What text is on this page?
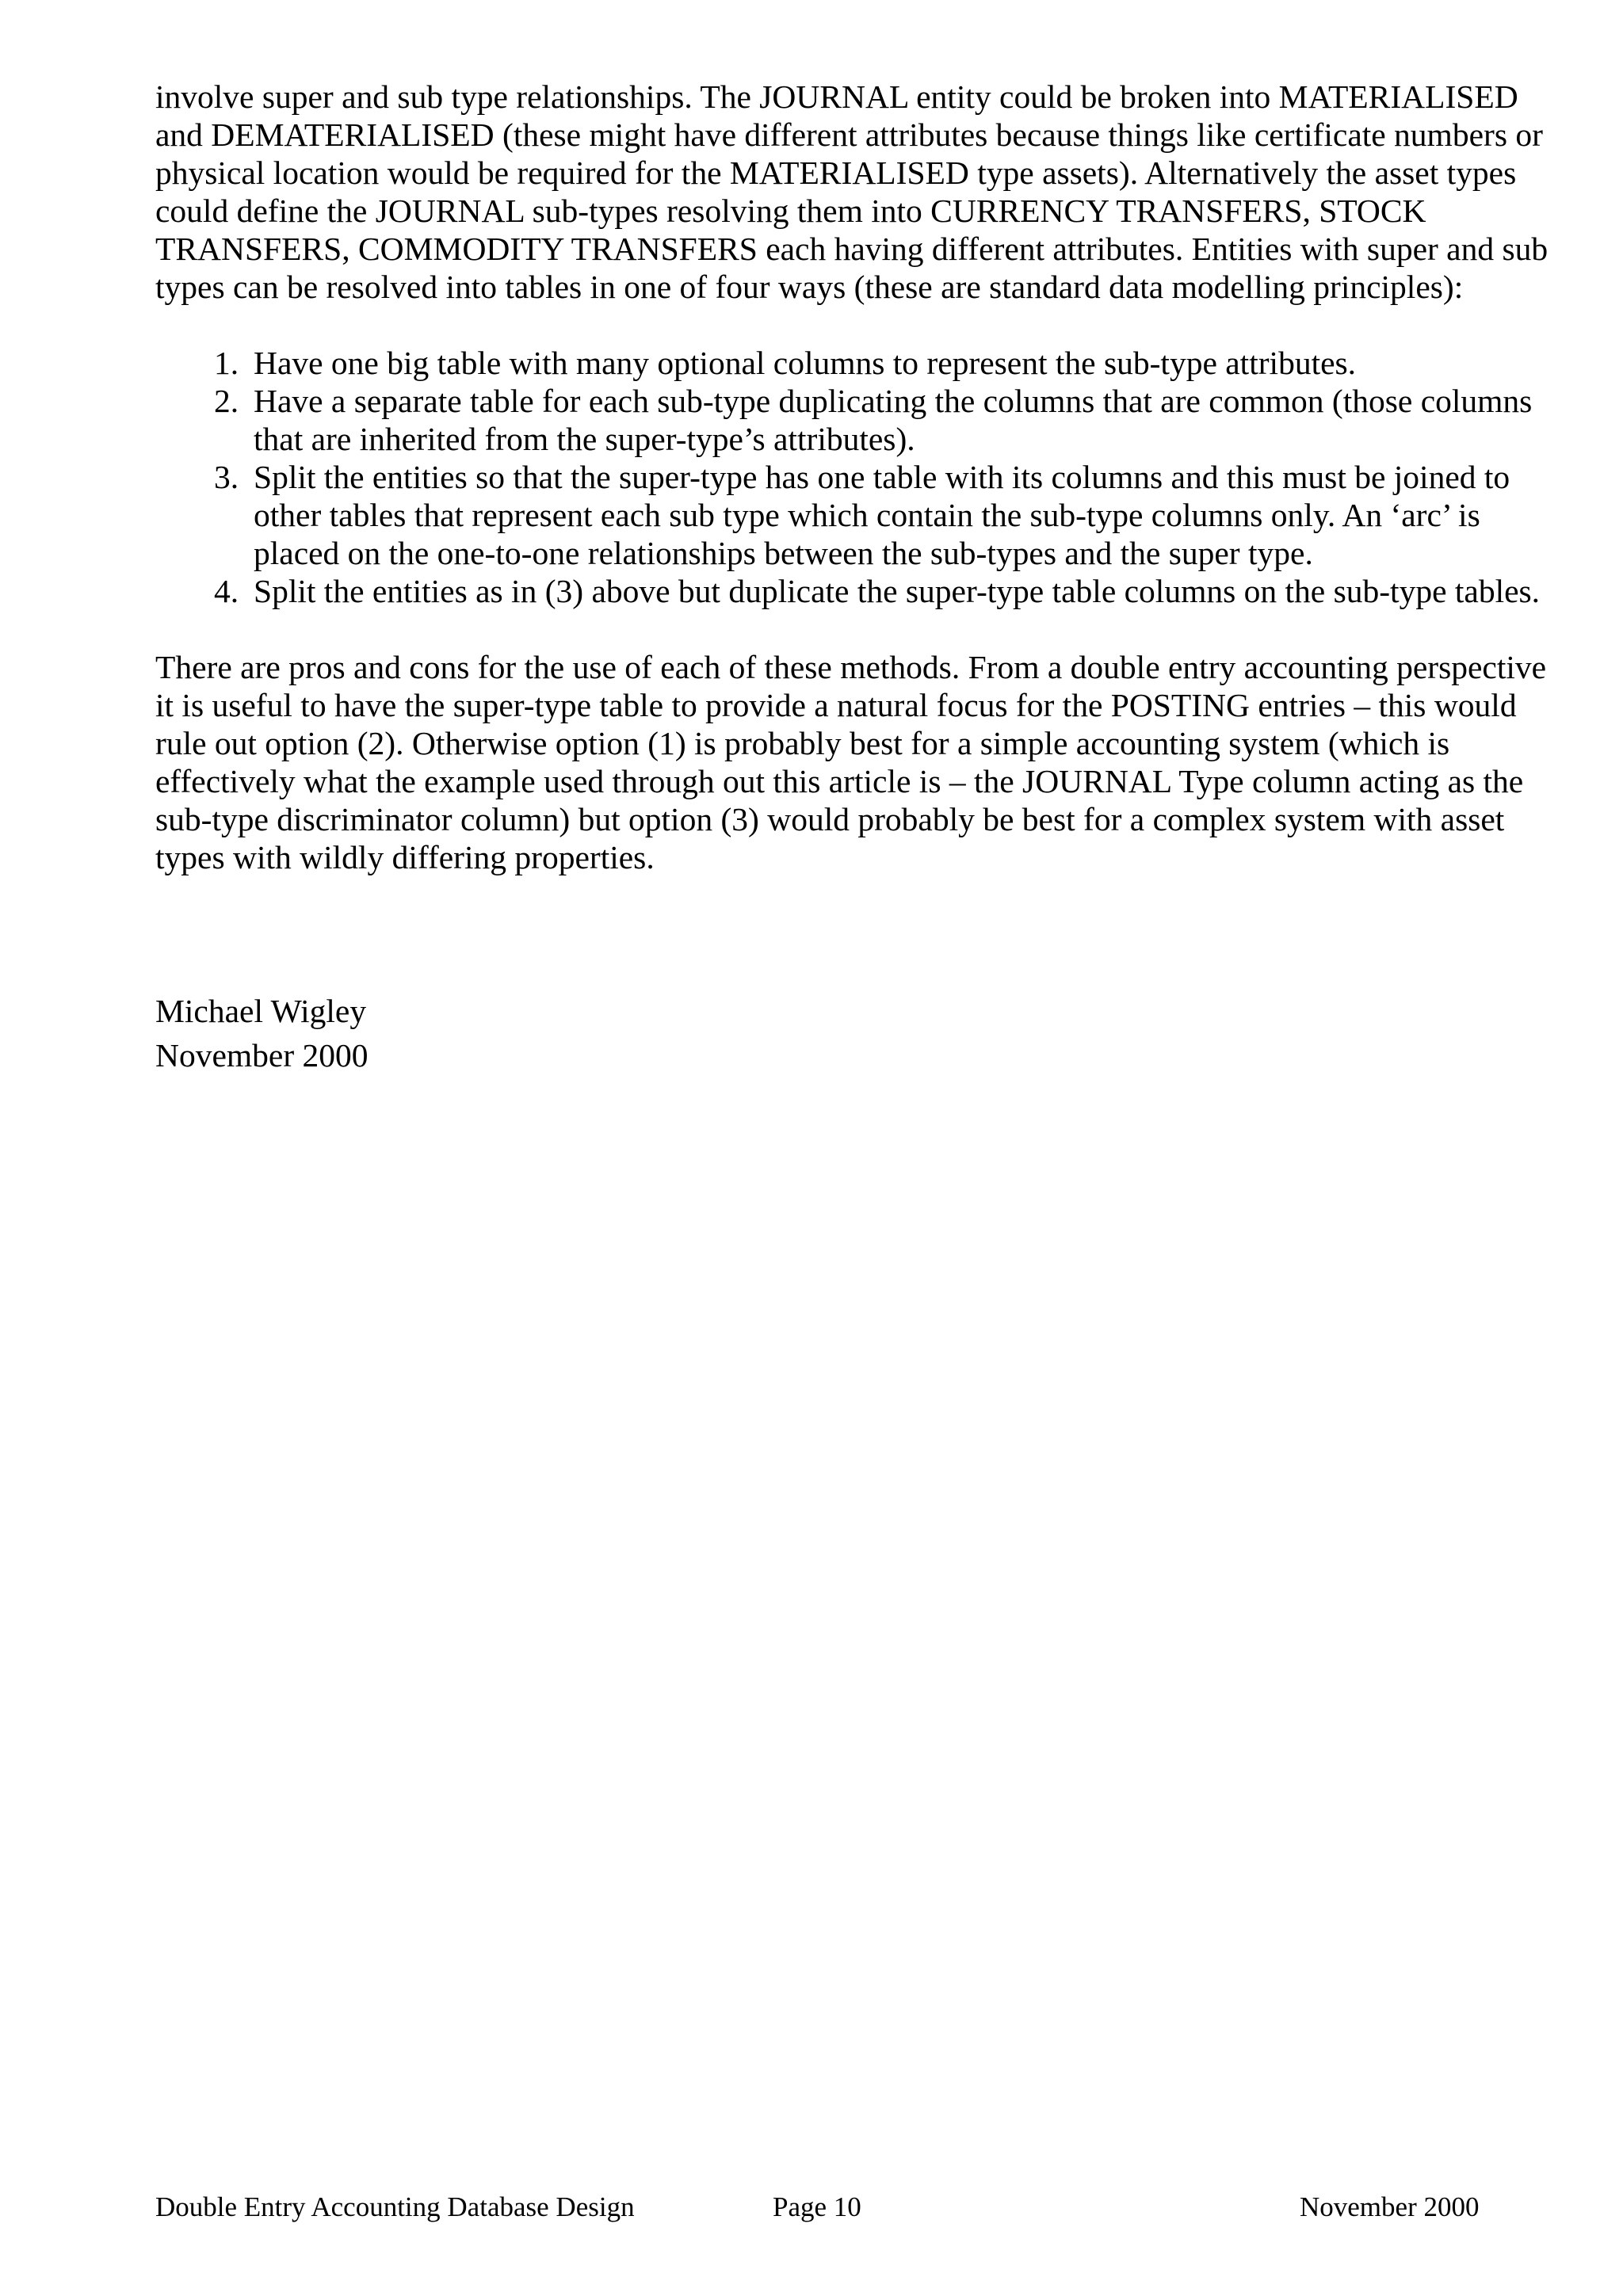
involve super and sub type relationships. The JOURNAL entity could be broken into MATERIALISED and DEMATERIALISED (these might have different attributes because things like certificate numbers or physical location would be required for the MATERIALISED type assets). Alternatively the asset types could define the JOURNAL sub-types resolving them into CURRENCY TRANSFERS, STOCK TRANSFERS, COMMODITY TRANSFERS each having different attributes. Entities with super and sub types can be resolved into tables in one of four ways (these are standard data modelling principles):

1. Have one big table with many optional columns to represent the sub-type attributes.
2. Have a separate table for each sub-type duplicating the columns that are common (those columns that are inherited from the super-type’s attributes).
3. Split the entities so that the super-type has one table with its columns and this must be joined to other tables that represent each sub type which contain the sub-type columns only. An ‘arc’ is placed on the one-to-one relationships between the sub-types and the super type.
4. Split the entities as in (3) above but duplicate the super-type table columns on the sub-type tables.

There are pros and cons for the use of each of these methods. From a double entry accounting perspective it is useful to have the super-type table to provide a natural focus for the POSTING entries – this would rule out option (2). Otherwise option (1) is probably best for a simple accounting system (which is effectively what the example used through out this article is – the JOURNAL Type column acting as the sub-type discriminator column) but option (3) would probably be best for a complex system with asset types with wildly differing properties.

Michael Wigley
November 2000
Double Entry Accounting Database Design	Page 10	November 2000
